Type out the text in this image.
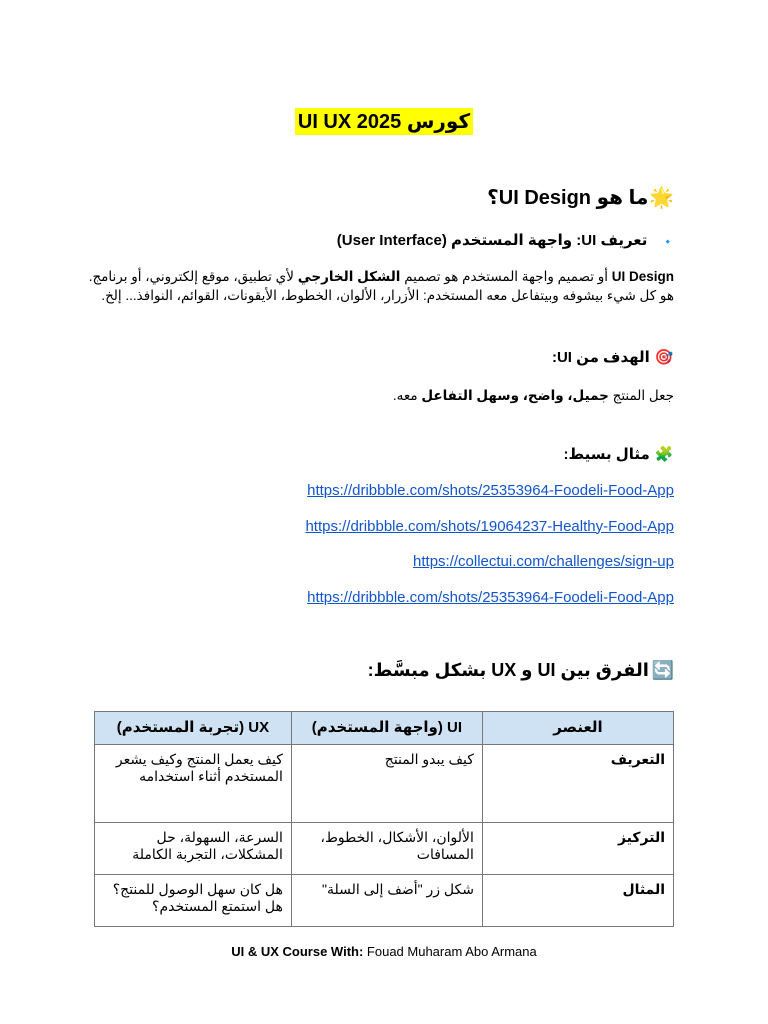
كورس UI UX 2025
🌟 ما هو UI Design؟
🔹 تعريف UI: واجهة المستخدم (User Interface)
UI Design أو تصميم واجهة المستخدم هو تصميم الشكل الخارجي لأي تطبيق، موقع إلكتروني، أو برنامج.
هو كل شيء بيشوفه وبيتفاعل معه المستخدم: الأزرار، الألوان، الخطوط، الأيقونات، القوائم، النوافذ... إلخ.
🎯 الهدف من UI:
جعل المنتج جميل، واضح، وسهل التفاعل معه.
🧩 مثال بسيط:
https://dribbble.com/shots/25353964-Foodeli-Food-App
https://dribbble.com/shots/19064237-Healthy-Food-App
https://collectui.com/challenges/sign-up
https://dribbble.com/shots/25353964-Foodeli-Food-App
🔄 الفرق بين UI و UX بشكل مبسَّط:
العنصر	UI (واجهة المستخدم)	UX (تجربة المستخدم)
التعريف	كيف يبدو المنتج	كيف يعمل المنتج وكيف يشعر المستخدم أثناء استخدامه
التركيز	الألوان، الأشكال، الخطوط، المسافات	السرعة، السهولة، حل المشكلات، التجربة الكاملة
المثال	شكل زر "أضف إلى السلة"	هل كان سهل الوصول للمنتج؟ هل استمتع المستخدم؟
UI & UX Course With: Fouad Muharam Abo Armana
